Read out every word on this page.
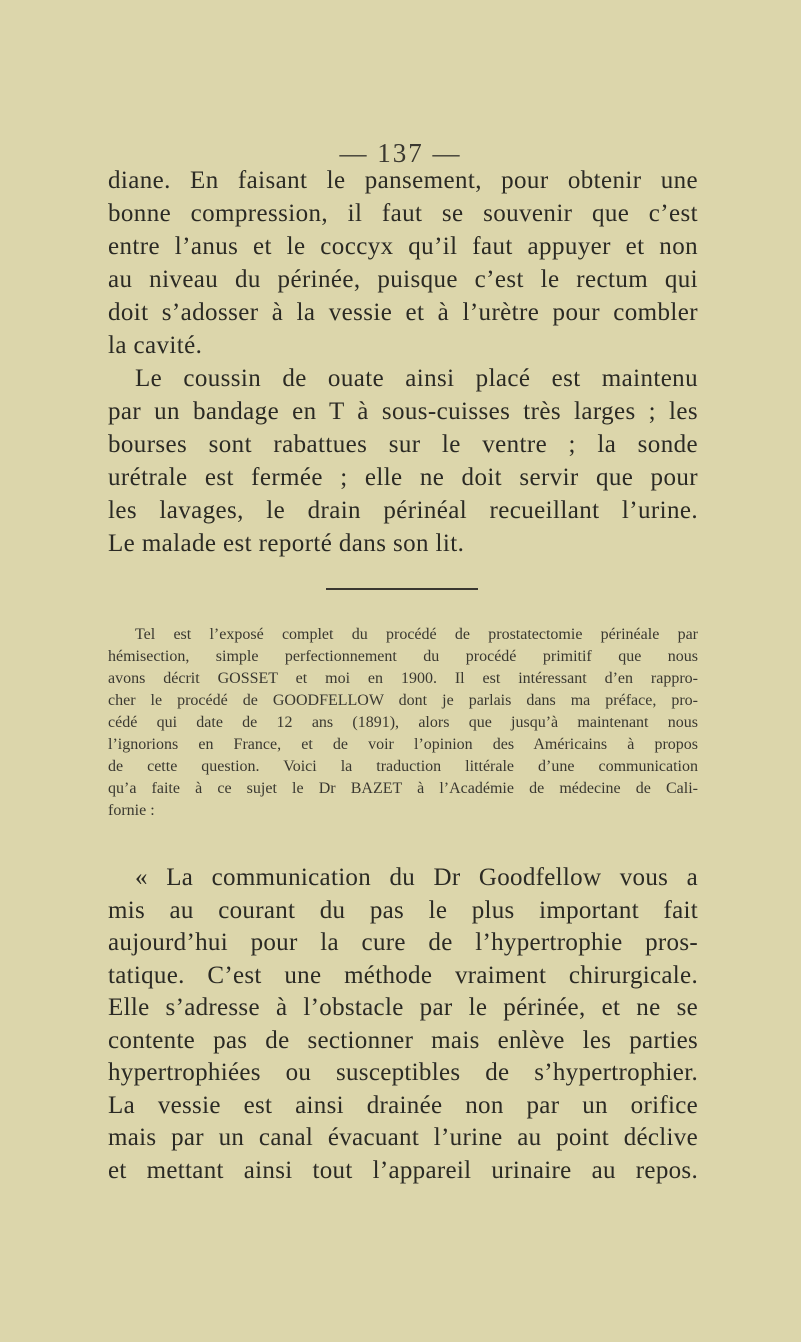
— 137 —

diane. En faisant le pansement, pour obtenir une
bonne compression, il faut se souvenir que c’est
entre l’anus et le coccyx qu’il faut appuyer et non
au niveau du périnée, puisque c’est le rectum qui
doit s’adosser à la vessie et à l’urètre pour combler
la cavité.

Le coussin de ouate ainsi placé est maintenu
par un bandage en T à sous-cuisses très larges ; les
bourses sont rabattues sur le ventre ; la sonde
urétrale est fermée ; elle ne doit servir que pour
les lavages, le drain périnéal recueillant l’urine.
Le malade est reporté dans son lit.

Tel est l’exposé complet du procédé de prostatectomie périnéale par
hémisection, simple perfectionnement du procédé primitif que nous
avons décrit GOSSET et moi en 1900. Il est intéressant d’en rappro-
cher le procédé de GOODFELLOW dont je parlais dans ma préface, pro-
cédé qui date de 12 ans (1891), alors que jusqu’à maintenant nous
l’ignorions en France, et de voir l’opinion des Américains à propos
de cette question. Voici la traduction littérale d’une communication
qu’a faite à ce sujet le Dr BAZET à l’Académie de médecine de Cali-
fornie :

« La communication du Dr Goodfellow vous a
mis au courant du pas le plus important fait
aujourd’hui pour la cure de l’hypertrophie pros-
tatique. C’est une méthode vraiment chirurgicale.
Elle s’adresse à l’obstacle par le périnée, et ne se
contente pas de sectionner mais enlève les parties
hypertrophiées ou susceptibles de s’hypertrophier.
La vessie est ainsi drainée non par un orifice
mais par un canal évacuant l’urine au point déclive
et mettant ainsi tout l’appareil urinaire au repos.
